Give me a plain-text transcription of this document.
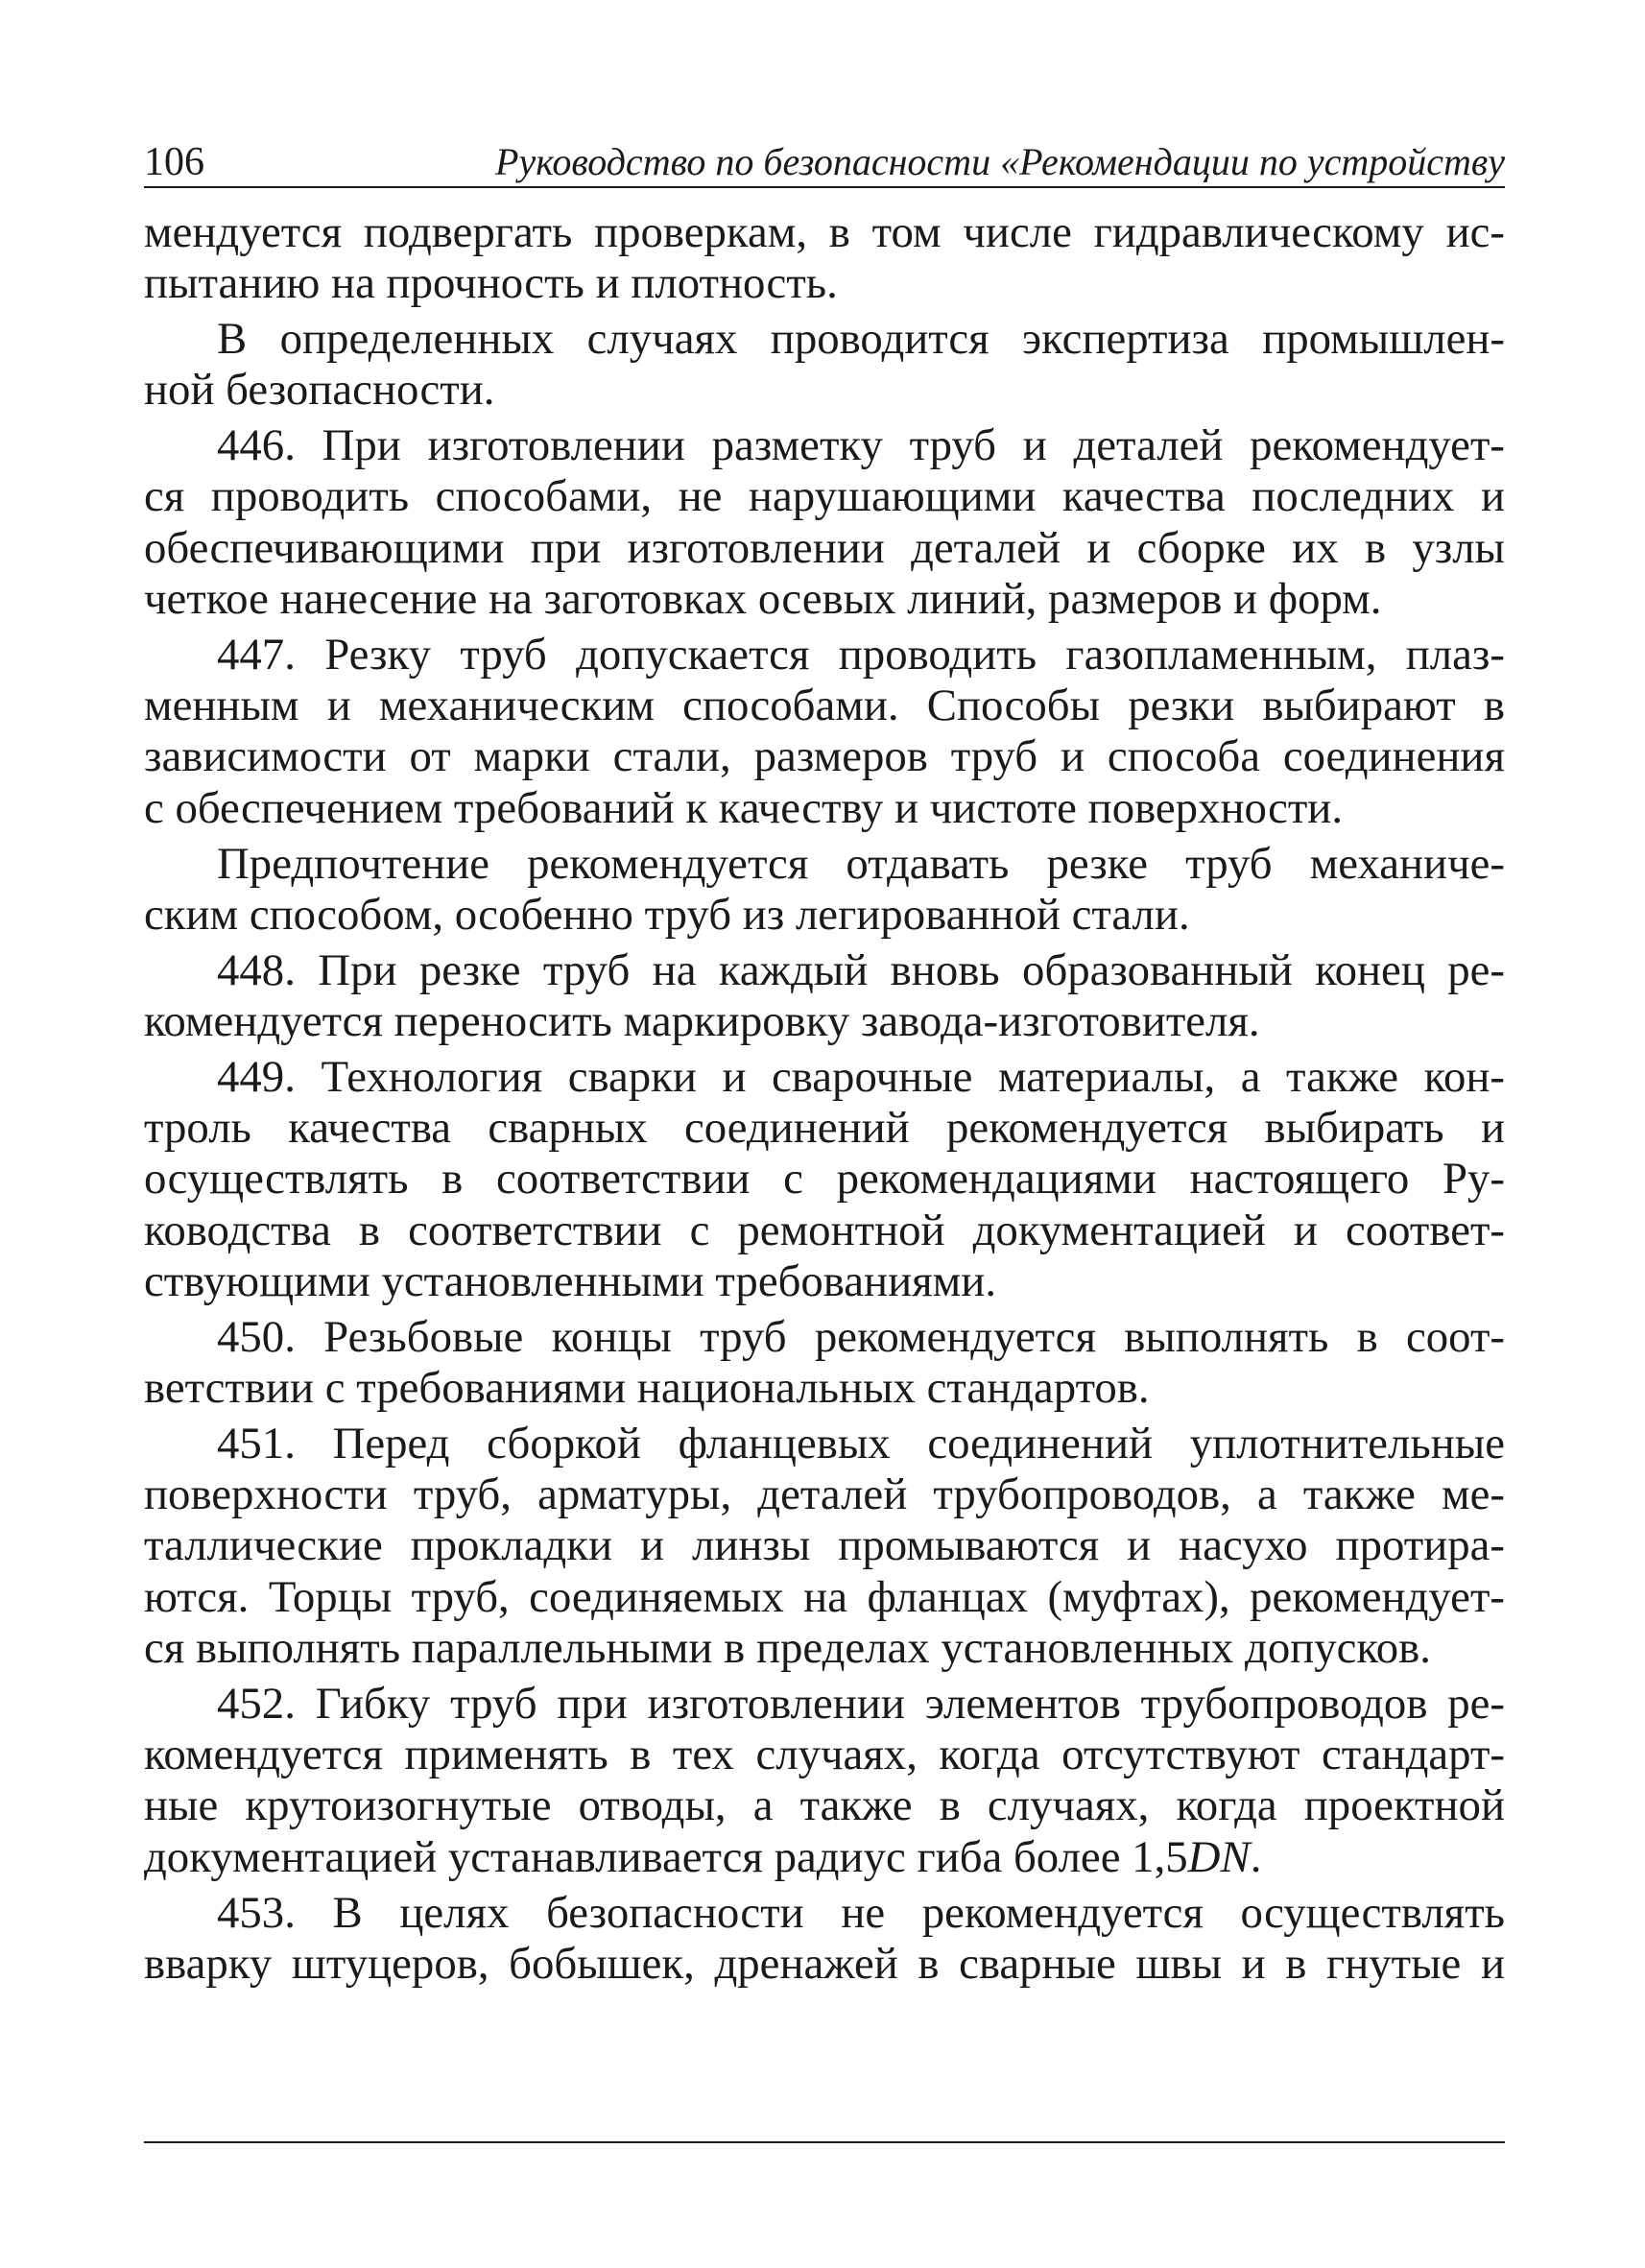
106	Руководство по безопасности «Рекомендации по устройству

мендуется подвергать проверкам, в том числе гидравлическому ис-
пытанию на прочность и плотность.

В определенных случаях проводится экспертиза промышлен-
ной безопасности.

446. При изготовлении разметку труб и деталей рекомендует-
ся проводить способами, не нарушающими качества последних и
обеспечивающими при изготовлении деталей и сборке их в узлы
четкое нанесение на заготовках осевых линий, размеров и форм.

447. Резку труб допускается проводить газопламенным, плаз-
менным и механическим способами. Способы резки выбирают в
зависимости от марки стали, размеров труб и способа соединения
с обеспечением требований к качеству и чистоте поверхности.

Предпочтение рекомендуется отдавать резке труб механиче-
ским способом, особенно труб из легированной стали.

448. При резке труб на каждый вновь образованный конец ре-
комендуется переносить маркировку завода-изготовителя.

449. Технология сварки и сварочные материалы, а также кон-
троль качества сварных соединений рекомендуется выбирать и
осуществлять в соответствии с рекомендациями настоящего Ру-
ководства в соответствии с ремонтной документацией и соответ-
ствующими установленными требованиями.

450. Резьбовые концы труб рекомендуется выполнять в соот-
ветствии с требованиями национальных стандартов.

451. Перед сборкой фланцевых соединений уплотнительные
поверхности труб, арматуры, деталей трубопроводов, а также ме-
таллические прокладки и линзы промываются и насухо протира-
ются. Торцы труб, соединяемых на фланцах (муфтах), рекомендует-
ся выполнять параллельными в пределах установленных допусков.

452. Гибку труб при изготовлении элементов трубопроводов ре-
комендуется применять в тех случаях, когда отсутствуют стандарт-
ные крутоизогнутые отводы, а также в случаях, когда проектной
документацией устанавливается радиус гиба более 1,5DN.

453. В целях безопасности не рекомендуется осуществлять
вварку штуцеров, бобышек, дренажей в сварные швы и в гнутые и
